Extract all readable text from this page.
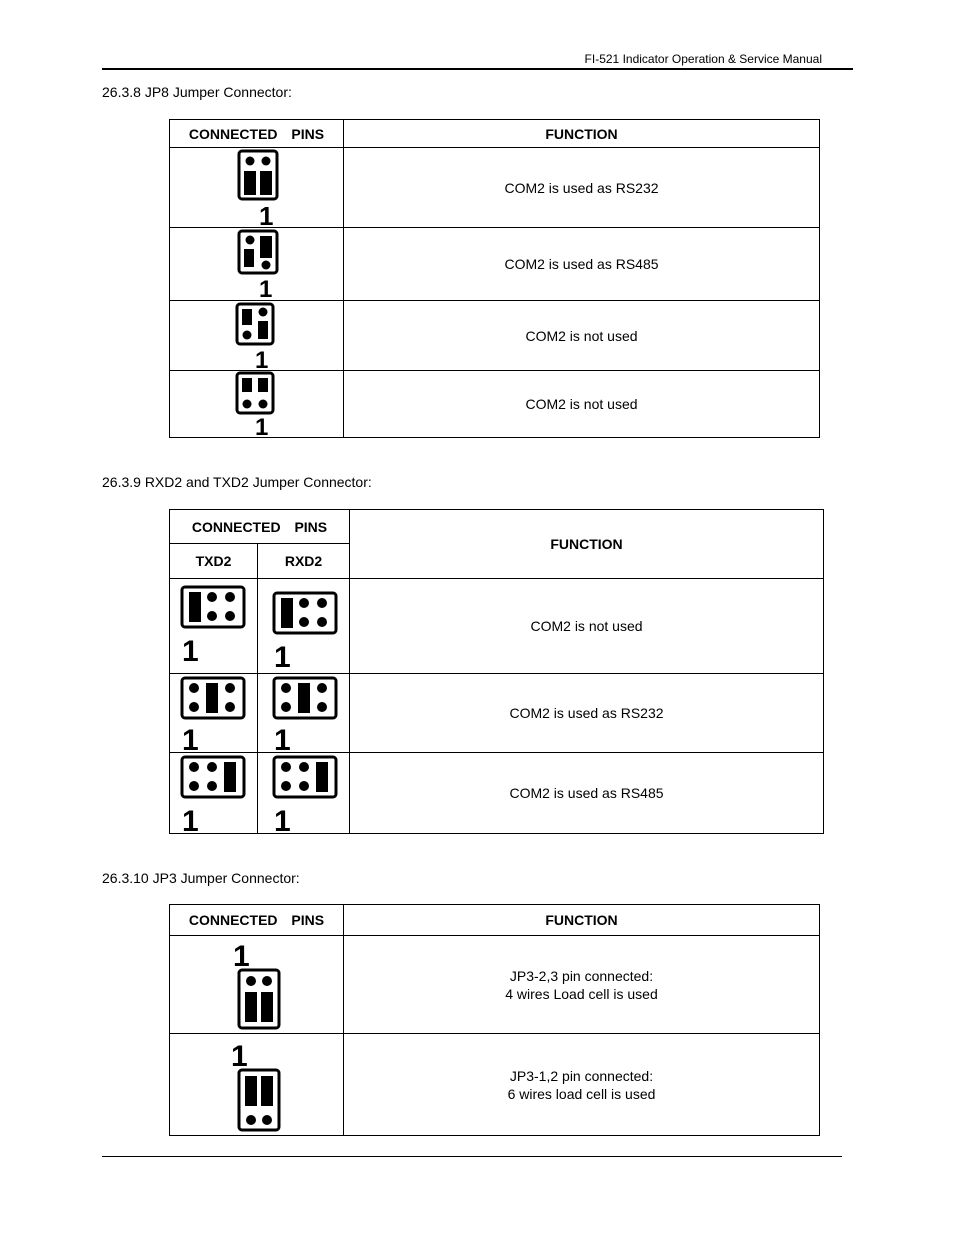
FI-521 Indicator Operation & Service Manual
26.3.8 JP8 Jumper Connector:
CONNECTED PINS	FUNCTION

1	COM2 is used as RS232

1	COM2 is used as RS485

1	COM2 is not used

1	COM2 is not used
26.3.9 RXD2 and TXD2 Jumper Connector:
CONNECTED PINS		FUNCTION
TXD2	RXD2	

1	1	COM2 is not used

1	1	COM2 is used as RS232

1	1	COM2 is used as RS485
26.3.10 JP3 Jumper Connector:
CONNECTED PINS	FUNCTION

1	JP3-2,3 pin connected:
4 wires Load cell is used

1	JP3-1,2 pin connected:
6 wires load cell is used
